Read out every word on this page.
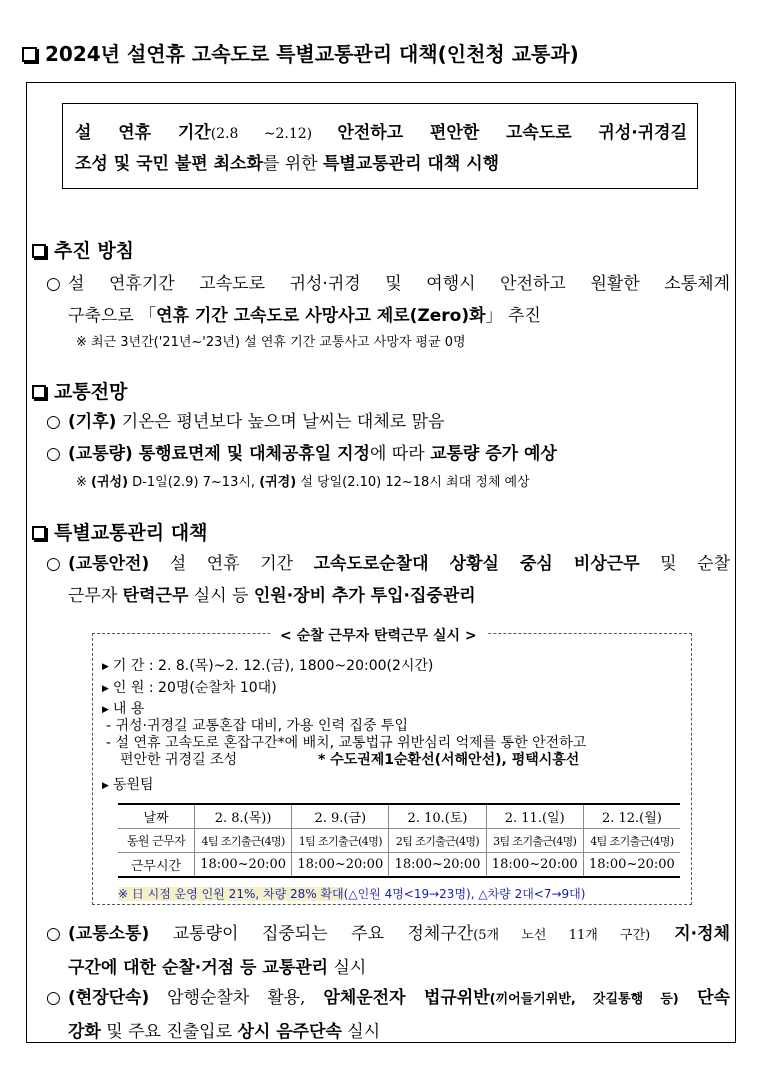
2024년 설연휴 고속도로 특별교통관리 대책(인천청 교통과)
설 연휴 기간(2.8 ~2.12) 안전하고 편안한 고속도로 귀성·귀경길
조성 및 국민 불편 최소화를 위한 특별교통관리 대책 시행
추진 방침
○ 설 연휴기간 고속도로 귀성·귀경 및 여행시 안전하고 원활한 소통체계
구축으로 「연휴 기간 고속도로 사망사고 제로(Zero)화」 추진
※ 최근 3년간('21년~'23년) 설 연휴 기간 교통사고 사망자 평균 0명
교통전망
○ (기후) 기온은 평년보다 높으며 날씨는 대체로 맑음
○ (교통량) 통행료면제 및 대체공휴일 지정에 따라 교통량 증가 예상
※ (귀성) D-1일(2.9) 7~13시, (귀경) 설 당일(2.10) 12~18시 최대 정체 예상
특별교통관리 대책
○ (교통안전) 설 연휴 기간 고속도로순찰대 상황실 중심 비상근무 및 순찰
근무자 탄력근무 실시 등 인원·장비 추가 투입·집중관리
< 순찰 근무자 탄력근무 실시 >
▶ 기 간 : 2. 8.(목)~2. 12.(금), 1800~20:00(2시간)
▶ 인 원 : 20명(순찰차 10대)
▶ 내 용
- 귀성·귀경길 교통혼잡 대비, 가용 인력 집중 투입
- 설 연휴 고속도로 혼잡구간*에 배치, 교통법규 위반심리 억제를 통한 안전하고
편안한 귀경길 조성	* 수도권제1순환선(서해안선), 평택시흥선
▶ 동원팀
날짜	2. 8.(목))	2. 9.(금)	2. 10.(토)	2. 11.(일)	2. 12.(월)
동원 근무자	4팀 조기출근(4명)	1팀 조기출근(4명)	2팀 조기출근(4명)	3팀 조기출근(4명)	4팀 조기출근(4명)
근무시간	18:00~20:00	18:00~20:00	18:00~20:00	18:00~20:00	18:00~20:00
※ 日 시점 운영 인원 21%, 차량 28% 확대(△인원 4명<19→23명), △차량 2대<7→9대)
○ (교통소통) 교통량이 집중되는 주요 정체구간(5개 노선 11개 구간) 지·정체
구간에 대한 순찰·거점 등 교통관리 실시
○ (현장단속) 암행순찰차 활용, 암체운전자 법규위반(끼어들기위반, 갓길통행 등) 단속
강화 및 주요 진출입로 상시 음주단속 실시
